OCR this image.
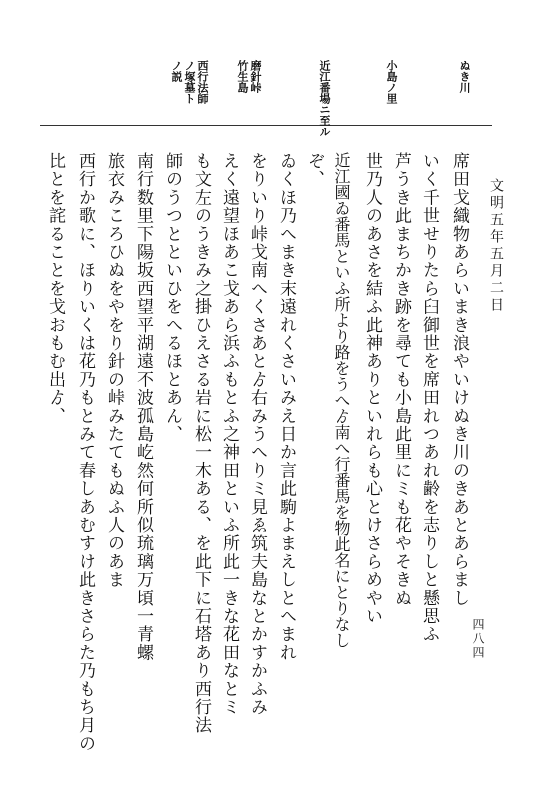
文明五年五月二日
ぬき川
小島ノ里
近江番場ニ至ル
磨針峠
竹生島
西行法師
ノ塚墓ト
ノ説
席田戈織物あらいまき浪やいけぬき川のきあとあらまし
いく千世せりたら臼御世を席田れつあれ齢を志りしと懸思ふ
芦うき此まちかき跡を尋ても小島此里にミも花やそきぬ
世乃人のあさを結ふ此神ありといれらも心とけさらめやい
近江國ゐ番馬といふ所より路をうへゟ南へ行番馬を物此名にとりなし
ぞ、
ゐくほ乃へまき末遠れくさいみえ日か言此駒よまえしとへまれ
をりいり峠戈南へくさあとゟ右みうへりミ見ゑ筑夫島なとかすかふみ
えく遠望ほあこ戈あら浜ふもとふ之神田といふ所此一きな花田なとミ
も文左のうきみ之掛ひえさる岩に松一木ある、を此下に石塔あり西行法
師のうつとといひをへるほとあん、
南行数里下陽坂西望平湖遠不波孤島屹然何所似琉璃万頃一青螺
旅衣みころひぬをやをり針の峠みたてもぬふ人のあま
西行か歌に、ほりいくは花乃もとみて春しあむすけ此きさらた乃もち月の
比とを詫ることを戈おもむ出ゟ、
四八四
